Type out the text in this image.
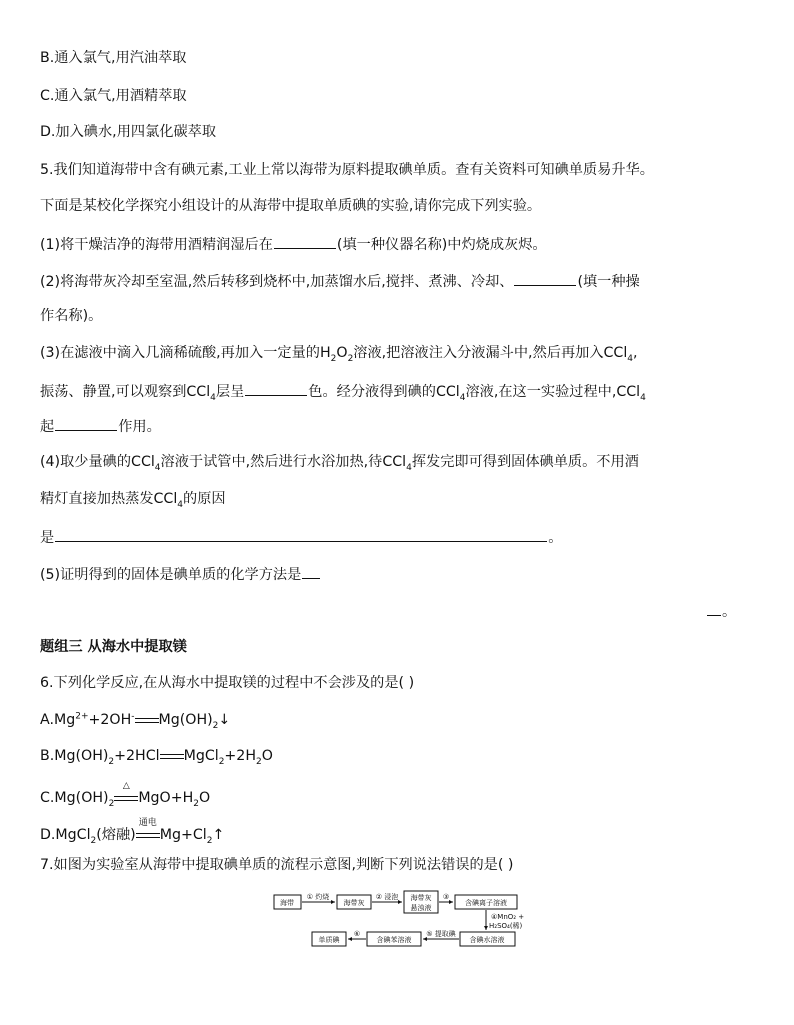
B.通入氯气,用汽油萃取
C.通入氯气,用酒精萃取
D.加入碘水,用四氯化碳萃取
5.我们知道海带中含有碘元素,工业上常以海带为原料提取碘单质。查有关资料可知碘单质易升华。
下面是某校化学探究小组设计的从海带中提取单质碘的实验,请你完成下列实验。
(1)将干燥洁净的海带用酒精润湿后在	(填一种仪器名称)中灼烧成灰烬。
(2)将海带灰冷却至室温,然后转移到烧杯中,加蒸馏水后,搅拌、煮沸、冷却、	(填一种操
作名称)。
(3)在滤液中滴入几滴稀硫酸,再加入一定量的$H_2O_2$溶液,把溶液注入分液漏斗中,然后再加入CCl$_4$,
振荡、静置,可以观察到CCl$_4$层呈	色。经分液得到碘的CCl$_4$溶液,在这一实验过程中,CCl$_4$
起	作用。
(4)取少量碘的CCl$_4$溶液于试管中,然后进行水浴加热,待CCl$_4$挥发完即可得到固体碘单质。不用酒
精灯直接加热蒸发CCl$_4$的原因
是	。
(5)证明得到的固体是碘单质的化学方法是
。
题组三 从海水中提取镁
6.下列化学反应,在从海水中提取镁的过程中不会涉及的是( )
$A.Mg^{2+}+2OH^-$ $Mg(OH)_2↓$
$B.Mg(OH)_2+2HCl$ $MgCl_2+2H_2O$
$C.Mg(OH)_2$
△
$MgO+H_2O$
D.MgCl$_2$(熔融)
通电
$Mg+Cl_2↑$
7.如图为实验室从海带中提取碘单质的流程示意图,判断下列说法错误的是( )
海带	海带灰
海带灰
悬浊液
含碘离子溶液
含碘水溶液
含碘苯溶液
单质碘
① 灼烧	② 浸泡	③
⑤ 提取碘
⑥
④MnO₂ +
H₂SO₄(稀)
